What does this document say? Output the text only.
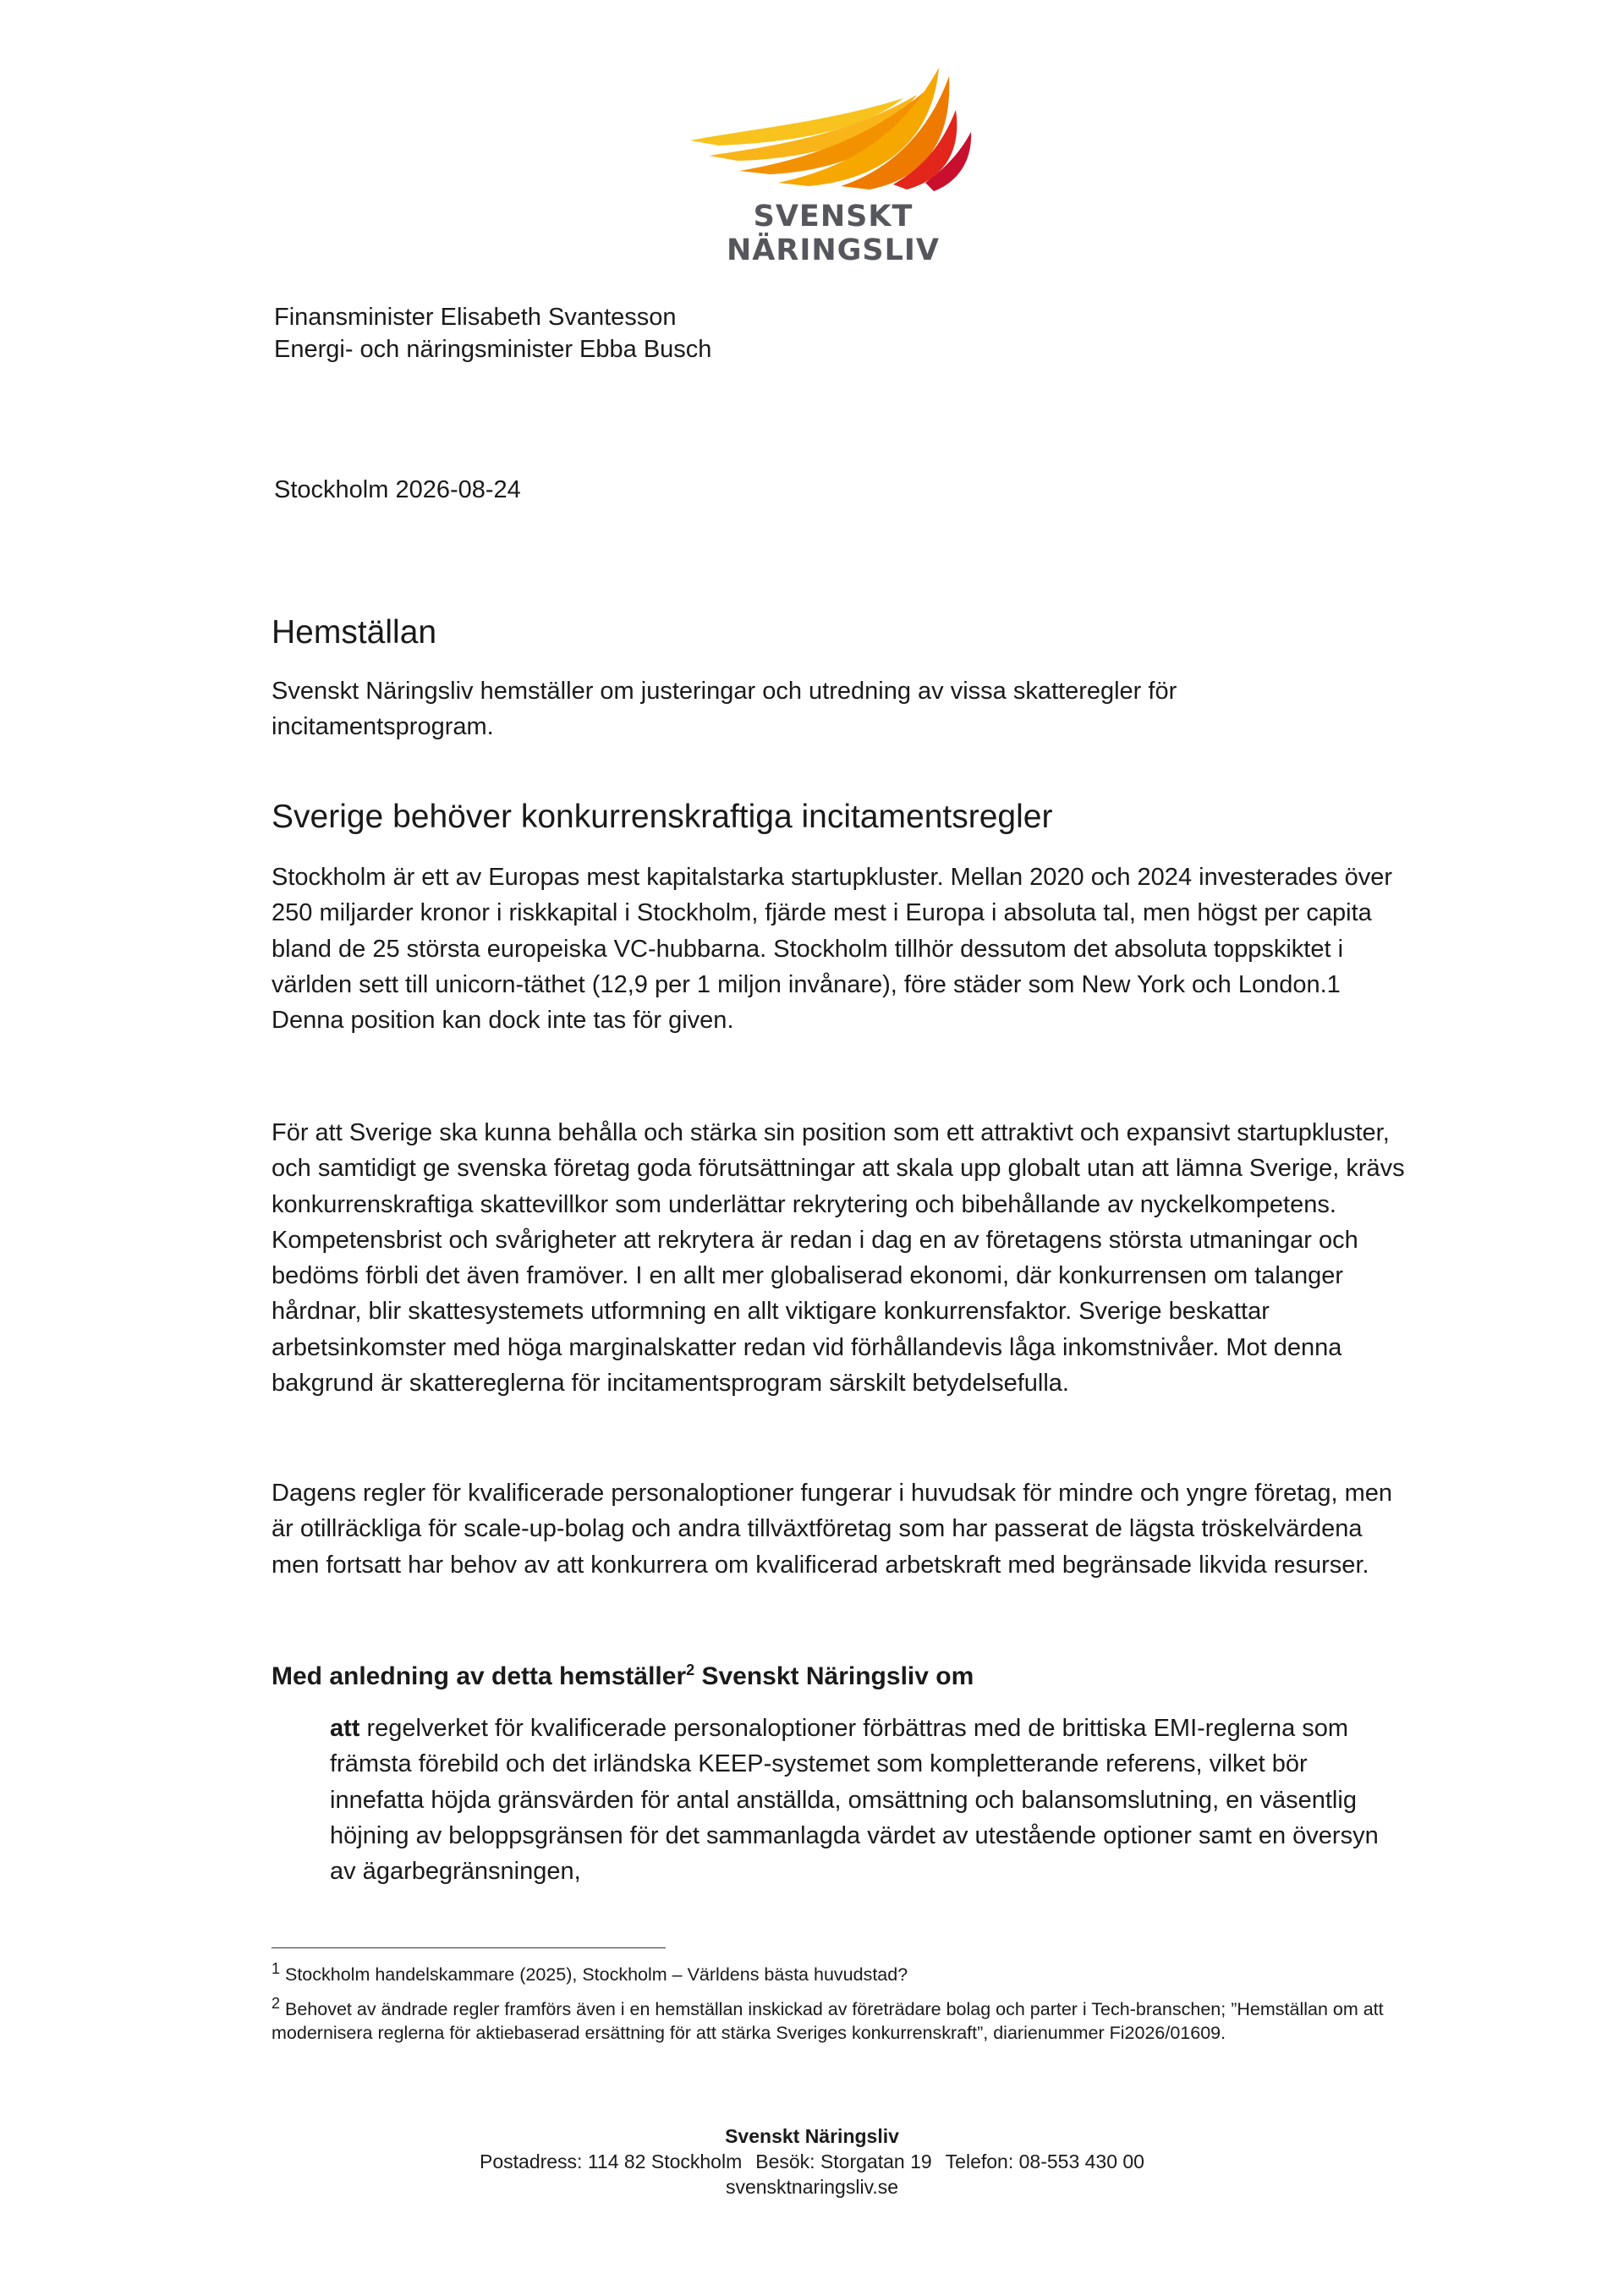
SVENSKT NÄRINGSLIV
Finansminister Elisabeth Svantesson
Energi- och näringsminister Ebba Busch
Stockholm 2026-08-24
Hemställan

Svenskt Näringsliv hemställer om justeringar och utredning av vissa skatteregler för incitamentsprogram.

Sverige behöver konkurrenskraftiga incitamentsregler

Stockholm är ett av Europas mest kapitalstarka startupkluster. Mellan 2020 och 2024 investerades över 250 miljarder kronor i riskkapital i Stockholm, fjärde mest i Europa i absoluta tal, men högst per capita bland de 25 största europeiska VC-hubbarna. Stockholm tillhör dessutom det absoluta toppskiktet i världen sett till unicorn-täthet (12,9 per 1 miljon invånare), före städer som New York och London.1 Denna position kan dock inte tas för given.

För att Sverige ska kunna behålla och stärka sin position som ett attraktivt och expansivt startupkluster, och samtidigt ge svenska företag goda förutsättningar att skala upp globalt utan att lämna Sverige, krävs konkurrenskraftiga skattevillkor som underlättar rekrytering och bibehållande av nyckelkompetens. Kompetensbrist och svårigheter att rekrytera är redan i dag en av företagens största utmaningar och bedöms förbli det även framöver. I en allt mer globaliserad ekonomi, där konkurrensen om talanger hårdnar, blir skattesystemets utformning en allt viktigare konkurrensfaktor. Sverige beskattar arbetsinkomster med höga marginalskatter redan vid förhållandevis låga inkomstnivåer. Mot denna bakgrund är skattereglerna för incitamentsprogram särskilt betydelsefulla.

Dagens regler för kvalificerade personaloptioner fungerar i huvudsak för mindre och yngre företag, men är otillräckliga för scale-up-bolag och andra tillväxtföretag som har passerat de lägsta tröskelvärdena men fortsatt har behov av att konkurrera om kvalificerad arbetskraft med begränsade likvida resurser.

Med anledning av detta hemställer$^2$ Svenskt Näringsliv om

att regelverket för kvalificerade personaloptioner förbättras med de brittiska EMI-reglerna som främsta förebild och det irländska KEEP-systemet som kompletterande referens, vilket bör innefatta höjda gränsvärden för antal anställda, omsättning och balansomslutning, en väsentlig höjning av beloppsgränsen för det sammanlagda värdet av utestående optioner samt en översyn av ägarbegränsningen,

$^1$ Stockholm handelskammare (2025), Stockholm – Världens bästa huvudstad?

$^2$ Behovet av ändrade regler framförs även i en hemställan inskickad av företrädare bolag och parter i Tech-branschen; ”Hemställan om att modernisera reglerna för aktiebaserad ersättning för att stärka Sveriges konkurrenskraft”, diarienummer Fi2026/01609.

Svenskt Näringsliv
Postadress: 114 82 Stockholm Besök: Storgatan 19 Telefon: 08-553 430 00
svensktnaringsliv.se
